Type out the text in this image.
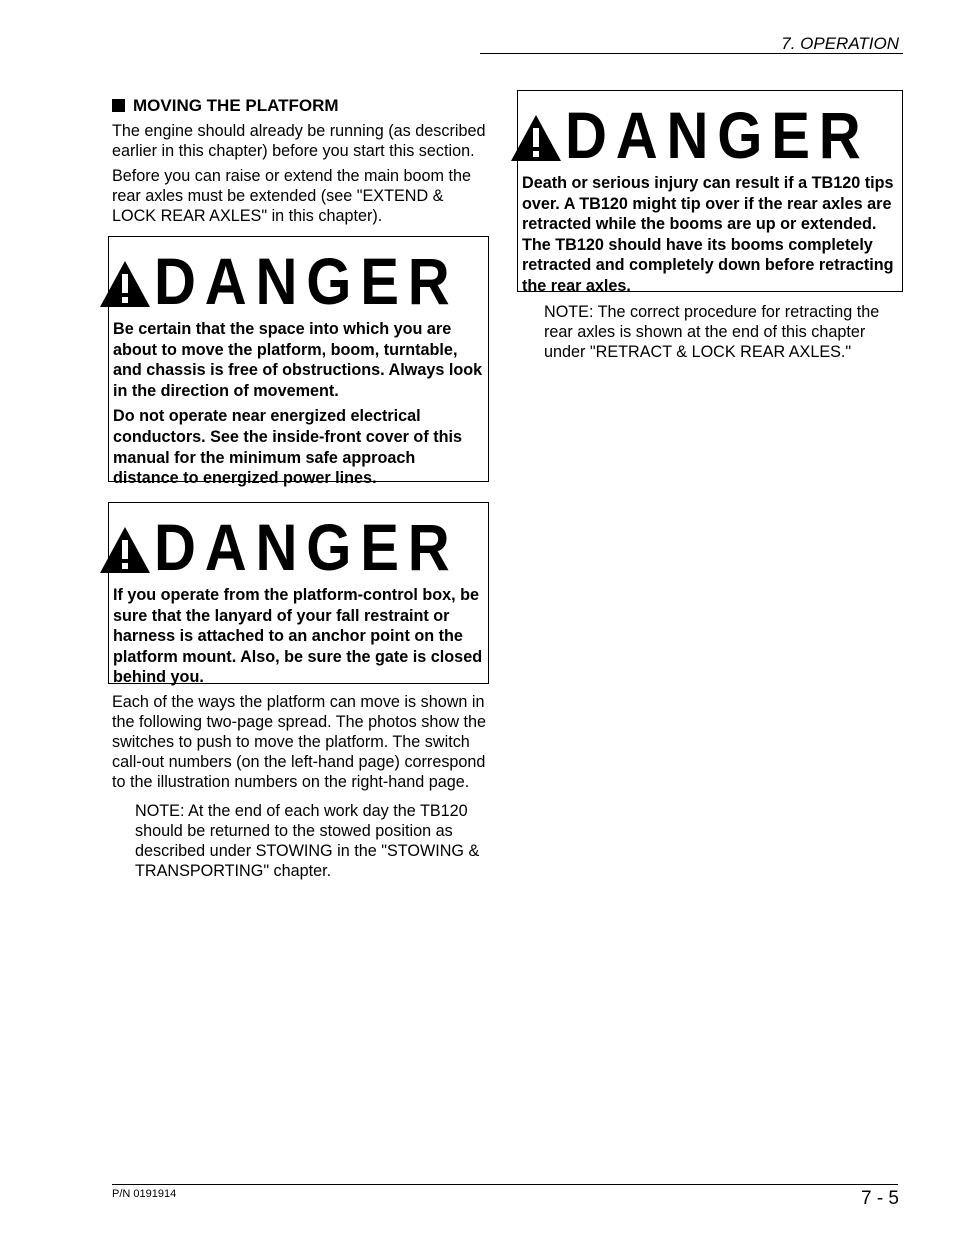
7. OPERATION
MOVING THE PLATFORM

The engine should already be running (as described earlier in this chapter) before you start this section.

Before you can raise or extend the main boom the rear axles must be extended (see "EXTEND & LOCK REAR AXLES" in this chapter).

DANGER

Be certain that the space into which you are about to move the platform, boom, turntable, and chassis is free of obstructions. Always look in the direction of movement.

Do not operate near energized electrical conductors. See the inside-front cover of this manual for the minimum safe approach distance to energized power lines.

DANGER

If you operate from the platform-control box, be sure that the lanyard of your fall restraint or harness is attached to an anchor point on the platform mount. Also, be sure the gate is closed behind you.

Each of the ways the platform can move is shown in the following two-page spread. The photos show the switches to push to move the platform. The switch call-out numbers (on the left-hand page) correspond to the illustration numbers on the right-hand page.

NOTE: At the end of each work day the TB120 should be returned to the stowed position as described under STOWING in the "STOWING & TRANSPORTING" chapter.

DANGER

Death or serious injury can result if a TB120 tips over. A TB120 might tip over if the rear axles are retracted while the booms are up or extended. The TB120 should have its booms completely retracted and completely down before retracting the rear axles.

NOTE: The correct procedure for retracting the rear axles is shown at the end of this chapter under "RETRACT & LOCK REAR AXLES."

P/N 0191914	7 - 5
